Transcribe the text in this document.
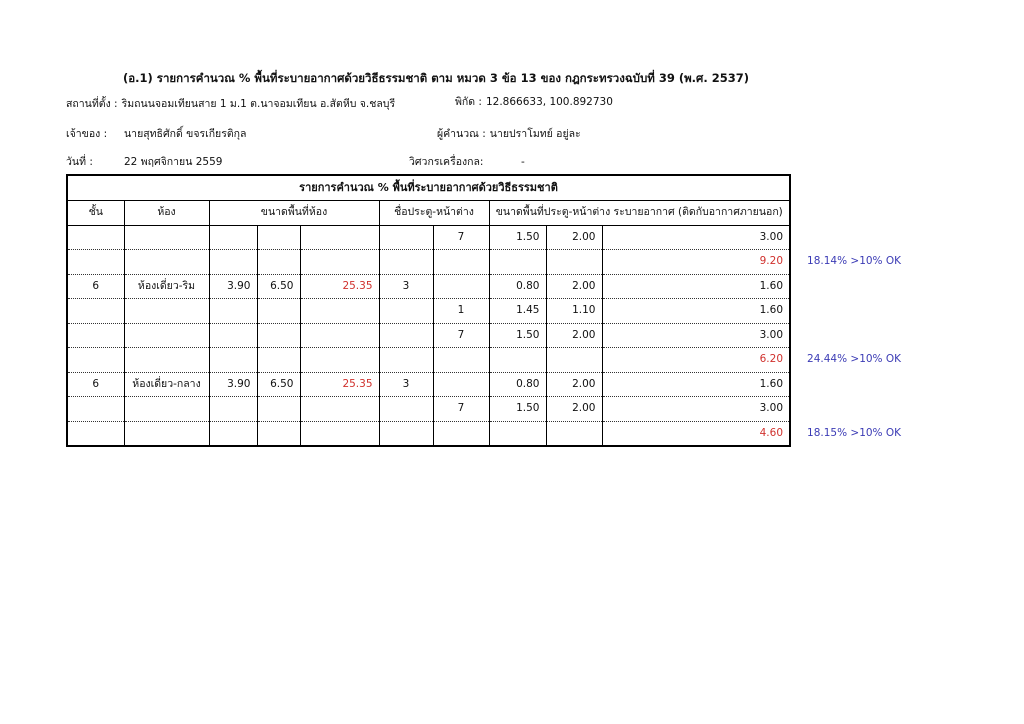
(อ.1) รายการคำนวณ % พื้นที่ระบายอากาศด้วยวิธีธรรมชาติ ตาม หมวด 3 ข้อ 13 ของ กฎกระทรวงฉบับที่ 39 (พ.ศ. 2537)
สถานที่ตั้ง : ริมถนนจอมเทียนสาย 1 ม.1 ต.นาจอมเทียน อ.สัตหีบ จ.ชลบุรี	พิกัด : 12.866633, 100.892730
เจ้าของ : นายสุทธิศักดิ์ ขจรเกียรติกุล	ผู้คำนวณ : นายปราโมทย์ อยู่ละ
วันที่ :	22 พฤศจิกายน 2559	วิศวกรเครื่องกล:	-
รายการคำนวณ % พื้นที่ระบายอากาศด้วยวิธีธรรมชาติ										
ชั้น	ห้อง	ขนาดพื้นที่ห้อง			ชื่อประตู-หน้าต่าง		ขนาดพื้นที่ประตู-หน้าต่าง ระบายอากาศ (ติดกับอากาศภายนอก)			
						7	1.50	2.00	3.00	
									9.20	18.14% >10% OK
6	ห้องเดี่ยว-ริม	3.90	6.50	25.35	3		0.80	2.00	1.60	
						1	1.45	1.10	1.60	
						7	1.50	2.00	3.00	
									6.20	24.44% >10% OK
6	ห้องเดี่ยว-กลาง	3.90	6.50	25.35	3		0.80	2.00	1.60	
						7	1.50	2.00	3.00	
									4.60	18.15% >10% OK
